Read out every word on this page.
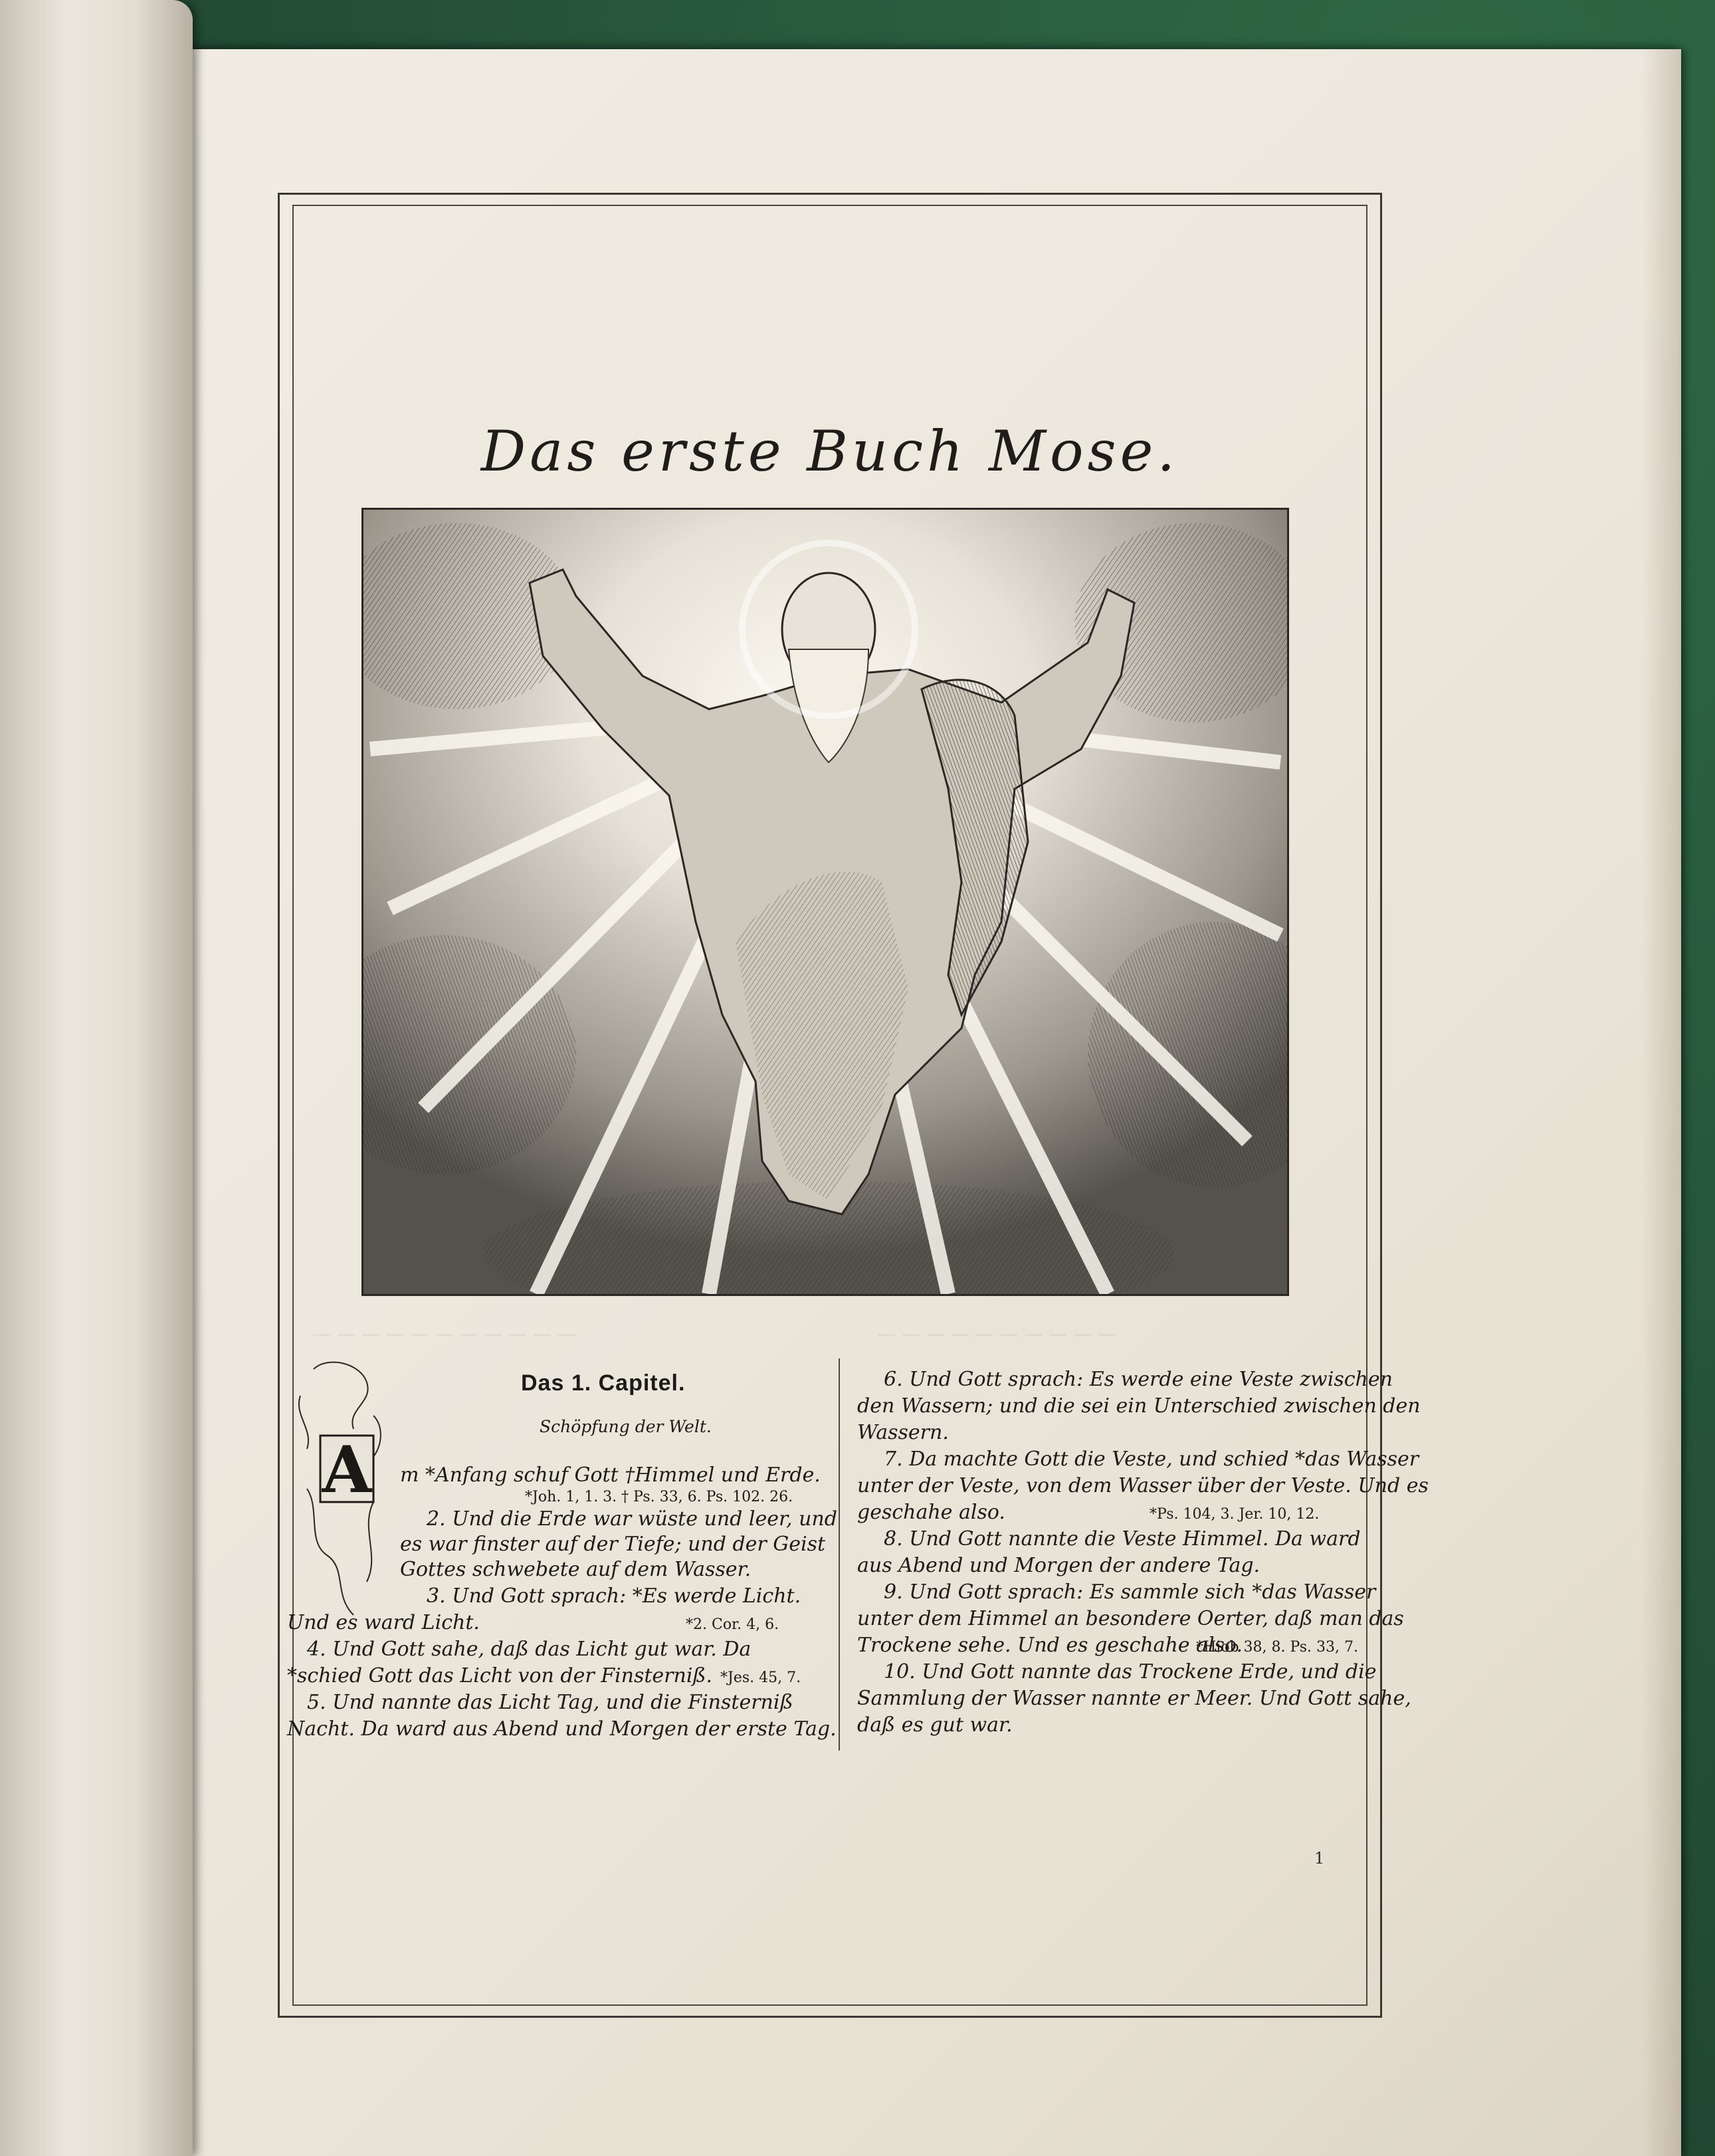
Das erste Buch Mose.
— — — — — — — — — — —	— — — — — — — — — —
Das 1. Capitel.
Schöpfung der Welt.
A m *Anfang schuf Gott †Himmel und Erde.
*Joh. 1, 1. 3. † Ps. 33, 6. Ps. 102. 26.
2. Und die Erde war wüste und leer, und
es war finster auf der Tiefe; und der Geist
Gottes schwebete auf dem Wasser.
3. Und Gott sprach: *Es werde Licht.
Und es ward Licht.	*2. Cor. 4, 6.
4. Und Gott sahe, daß das Licht gut war. Da
*schied Gott das Licht von der Finsterniß. *Jes. 45, 7.
5. Und nannte das Licht Tag, und die Finsterniß
Nacht. Da ward aus Abend und Morgen der erste Tag.
6. Und Gott sprach: Es werde eine Veste zwischen
den Wassern; und die sei ein Unterschied zwischen den
Wassern.
7. Da machte Gott die Veste, und schied *das Wasser
unter der Veste, von dem Wasser über der Veste. Und es
geschahe also.	*Ps. 104, 3. Jer. 10, 12.
8. Und Gott nannte die Veste Himmel. Da ward
aus Abend und Morgen der andere Tag.
9. Und Gott sprach: Es sammle sich *das Wasser
unter dem Himmel an besondere Oerter, daß man das
Trockene sehe. Und es geschahe also.
*Hiob 38, 8. Ps. 33, 7.
10. Und Gott nannte das Trockene Erde, und die
Sammlung der Wasser nannte er Meer. Und Gott sahe,
daß es gut war.
1
